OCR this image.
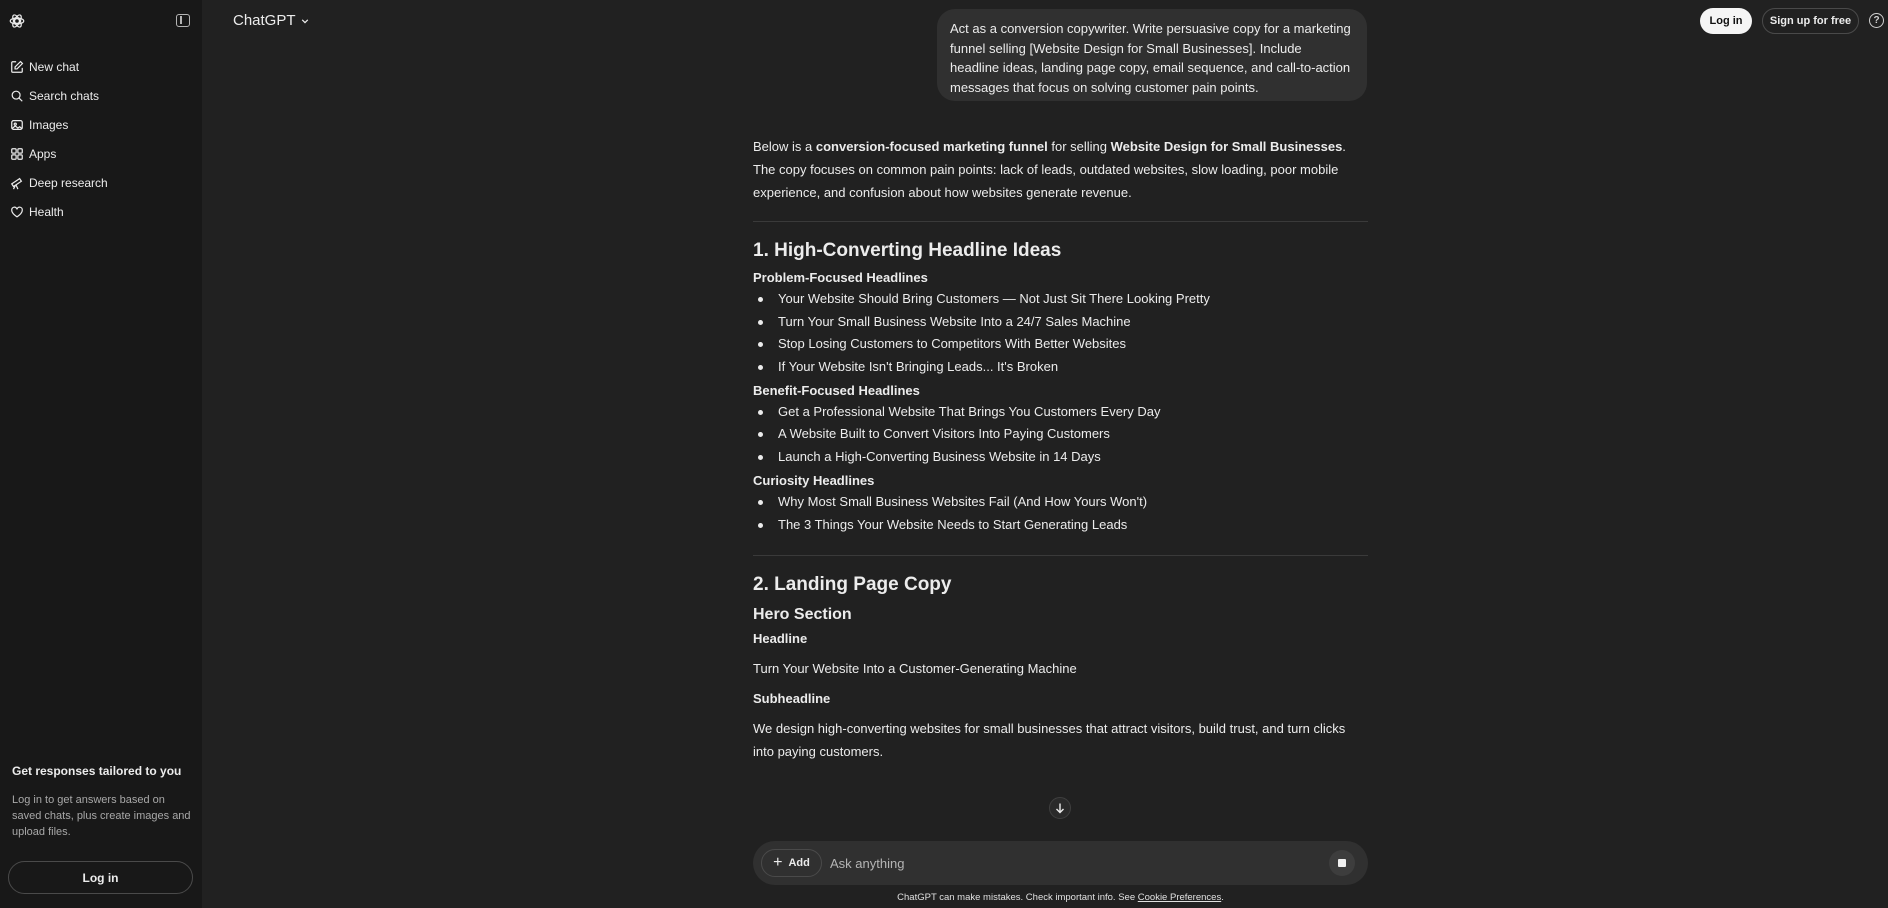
New chat
Search chats
Images
Apps
Deep research
Health
Get responses tailored to you
Log in to get answers based on saved chats, plus create images and upload files.
Log in
ChatGPT	Log in	Sign up for free	?
Act as a conversion copywriter. Write persuasive copy for a marketing funnel selling [Website Design for Small Businesses]. Include headline ideas, landing page copy, email sequence, and call-to-action messages that focus on solving customer pain points.

Below is a conversion-focused marketing funnel for selling Website Design for Small Businesses. The copy focuses on common pain points: lack of leads, outdated websites, slow loading, poor mobile experience, and confusion about how websites generate revenue.

1. High-Converting Headline Ideas
Problem-Focused Headlines
Your Website Should Bring Customers — Not Just Sit There Looking Pretty
Turn Your Small Business Website Into a 24/7 Sales Machine
Stop Losing Customers to Competitors With Better Websites
If Your Website Isn't Bringing Leads... It's Broken
Benefit-Focused Headlines
Get a Professional Website That Brings You Customers Every Day
A Website Built to Convert Visitors Into Paying Customers
Launch a High-Converting Business Website in 14 Days
Curiosity Headlines
Why Most Small Business Websites Fail (And How Yours Won't)
The 3 Things Your Website Needs to Start Generating Leads
2. Landing Page Copy
Hero Section
Headline

Turn Your Website Into a Customer-Generating Machine

Subheadline

We design high-converting websites for small businesses that attract visitors, build trust, and turn clicks into paying customers.

+ Add
Ask anything
ChatGPT can make mistakes. Check important info. See Cookie Preferences.
